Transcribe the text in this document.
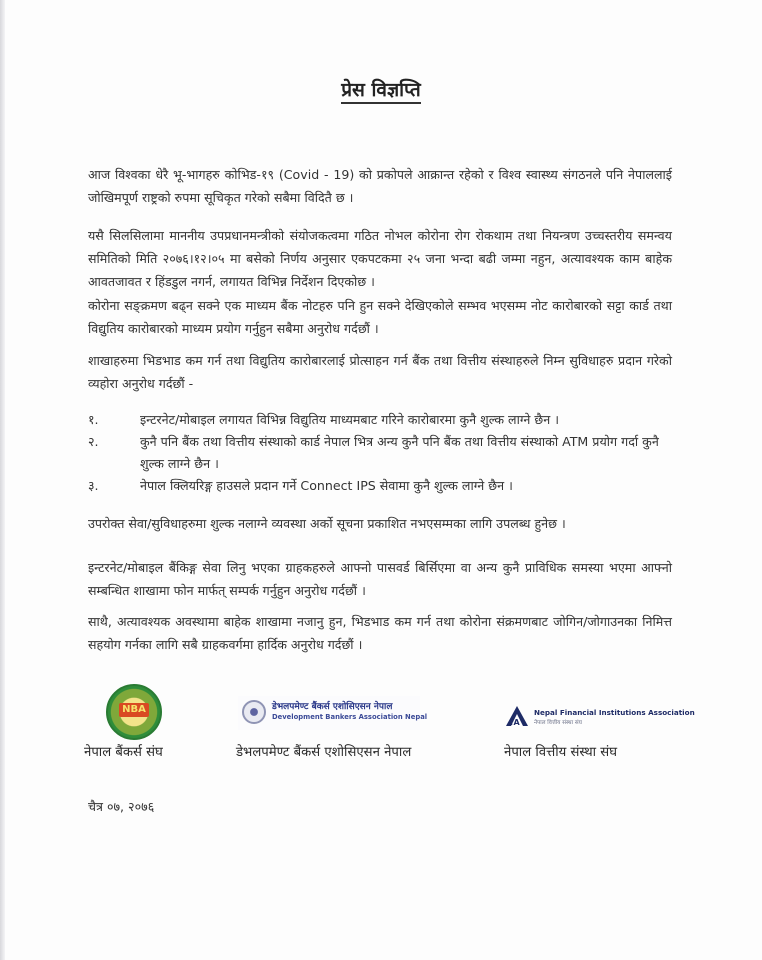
प्रेस विज्ञप्ति
आज विश्वका धेरै भू-भागहरु कोभिड-१९ (Covid - 19) को प्रकोपले आक्रान्त रहेको र विश्व स्वास्थ्य संगठनले पनि नेपाललाई जोखिमपूर्ण राष्ट्रको रुपमा सूचिकृत गरेको सबैमा विदितै छ ।
यसै सिलसिलामा माननीय उपप्रधानमन्त्रीको संयोजकत्वमा गठित नोभल कोरोना रोग रोकथाम तथा नियन्त्रण उच्चस्तरीय समन्वय समितिको मिति २०७६।१२।०५ मा बसेको निर्णय अनुसार एकपटकमा २५ जना भन्दा बढी जम्मा नहुन, अत्यावश्यक काम बाहेक आवतजावत र हिंडडुल नगर्न, लगायत विभिन्न निर्देशन दिएकोछ ।
कोरोना सङ्क्रमण बढ्न सक्ने एक माध्यम बैंक नोटहरु पनि हुन सक्ने देखिएकोले सम्भव भएसम्म नोट कारोबारको सट्टा कार्ड तथा विद्युतिय कारोबारको माध्यम प्रयोग गर्नुहुन सबैमा अनुरोध गर्दछौं ।
शाखाहरुमा भिडभाड कम गर्न तथा विद्युतिय कारोबारलाई प्रोत्साहन गर्न बैंक तथा वित्तीय संस्थाहरुले निम्न सुविधाहरु प्रदान गरेको व्यहोरा अनुरोध गर्दछौं -
१.	इन्टरनेट/मोबाइल लगायत विभिन्न विद्युतिय माध्यमबाट गरिने कारोबारमा कुनै शुल्क लाग्ने छैन ।
२.	कुनै पनि बैंक तथा वित्तीय संस्थाको कार्ड नेपाल भित्र अन्य कुनै पनि बैंक तथा वित्तीय संस्थाको ATM प्रयोग गर्दा कुनै शुल्क लाग्ने छैन ।
३.	नेपाल क्लियरिङ्ग हाउसले प्रदान गर्ने Connect IPS सेवामा कुनै शुल्क लाग्ने छैन ।
उपरोक्त सेवा/सुविधाहरुमा शुल्क नलाग्ने व्यवस्था अर्को सूचना प्रकाशित नभएसम्मका लागि उपलब्ध हुनेछ ।
इन्टरनेट/मोबाइल बैंकिङ्ग सेवा लिनु भएका ग्राहकहरुले आफ्नो पासवर्ड बिर्सिएमा वा अन्य कुनै प्राविधिक समस्या भएमा आफ्नो सम्बन्धित शाखामा फोन मार्फत् सम्पर्क गर्नुहुन अनुरोध गर्दछौं ।
साथै, अत्यावश्यक अवस्थामा बाहेक शाखामा नजानु हुन, भिडभाड कम गर्न तथा कोरोना संक्रमणबाट जोगिन/जोगाउनका निमित्त सहयोग गर्नका लागि सबै ग्राहकवर्गमा हार्दिक अनुरोध गर्दछौं ।
NBA
नेपाल बैंकर्स संघ
डेभलपमेण्ट बैंकर्स एशोसिएसन नेपाल
Development Bankers Association Nepal
डेभलपमेण्ट बैंकर्स एशोसिएसन नेपाल
fA
Nepal Financial Institutions Association
नेपाल वित्तीय संस्था संघ
नेपाल वित्तीय संस्था संघ
चैत्र ०७, २०७६
